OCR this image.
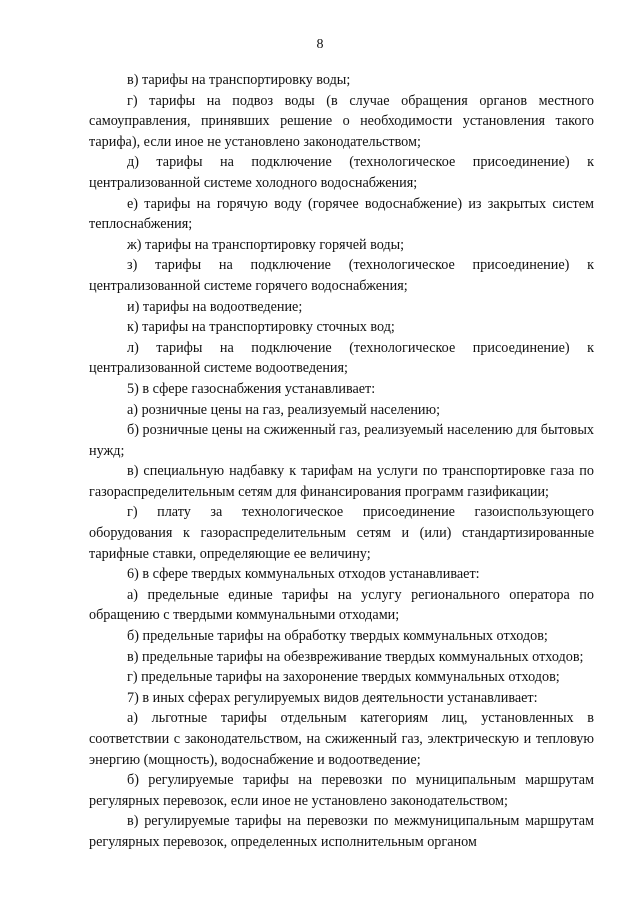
8

в) тарифы на транспортировку воды;

г) тарифы на подвоз воды (в случае обращения органов местного самоуправления, принявших решение о необходимости установления такого тарифа), если иное не установлено законодательством;

д) тарифы на подключение (технологическое присоединение) к централизованной системе холодного водоснабжения;

е) тарифы на горячую воду (горячее водоснабжение) из закрытых систем теплоснабжения;

ж) тарифы на транспортировку горячей воды;

з) тарифы на подключение (технологическое присоединение) к централизованной системе горячего водоснабжения;

и) тарифы на водоотведение;

к) тарифы на транспортировку сточных вод;

л) тарифы на подключение (технологическое присоединение) к централизованной системе водоотведения;

5) в сфере газоснабжения устанавливает:

а) розничные цены на газ, реализуемый населению;

б) розничные цены на сжиженный газ, реализуемый населению для бытовых нужд;

в) специальную надбавку к тарифам на услуги по транспортировке газа по газораспределительным сетям для финансирования программ газификации;

г) плату за технологическое присоединение газоиспользующего оборудования к газораспределительным сетям и (или) стандартизированные тарифные ставки, определяющие ее величину;

6) в сфере твердых коммунальных отходов устанавливает:

а) предельные единые тарифы на услугу регионального оператора по обращению с твердыми коммунальными отходами;

б) предельные тарифы на обработку твердых коммунальных отходов;

в) предельные тарифы на обезвреживание твердых коммунальных отходов;

г) предельные тарифы на захоронение твердых коммунальных отходов;

7) в иных сферах регулируемых видов деятельности устанавливает:

а) льготные тарифы отдельным категориям лиц, установленных в соответствии с законодательством, на сжиженный газ, электрическую и тепловую энергию (мощность), водоснабжение и водоотведение;

б) регулируемые тарифы на перевозки по муниципальным маршрутам регулярных перевозок, если иное не установлено законодательством;

в) регулируемые тарифы на перевозки по межмуниципальным маршрутам регулярных перевозок, определенных исполнительным органом
